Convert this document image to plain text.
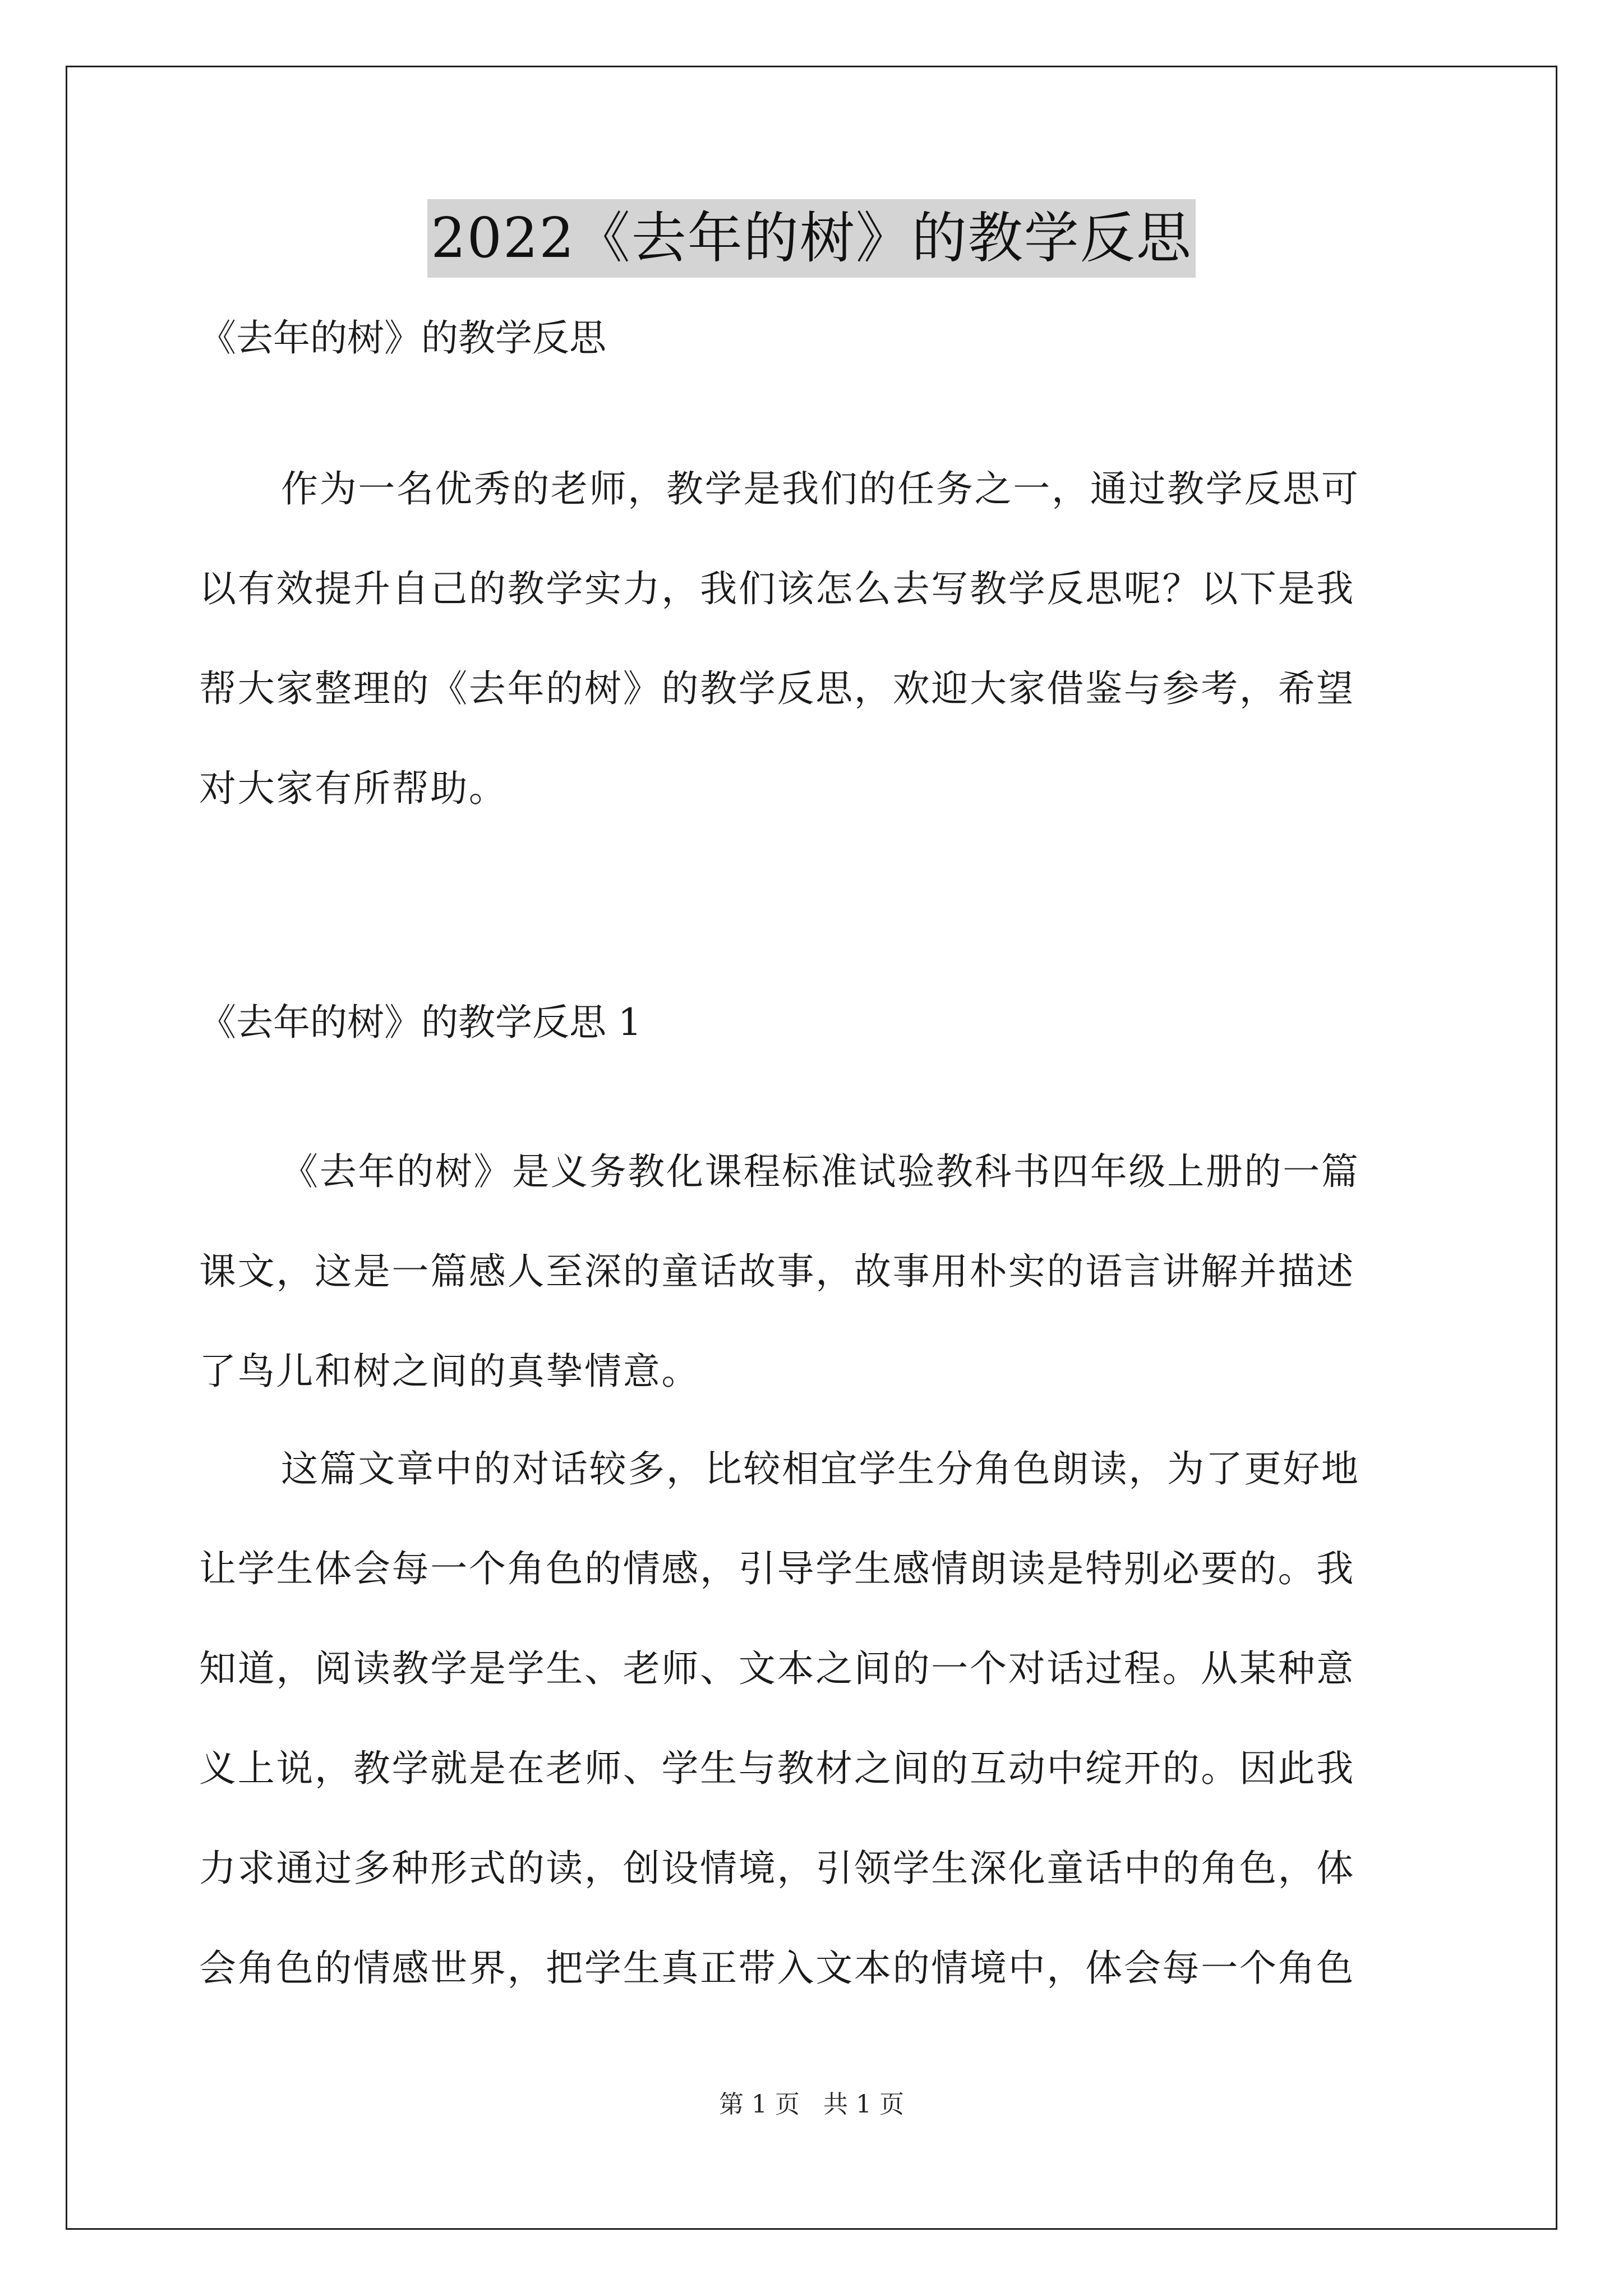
2022《去年的树》的教学反思
《去年的树》的教学反思

作为一名优秀的老师，教学是我们的任务之一，通过教学反思可

以有效提升自己的教学实力，我们该怎么去写教学反思呢？以下是我

帮大家整理的《去年的树》的教学反思，欢迎大家借鉴与参考，希望

对大家有所帮助。

《去年的树》的教学反思 1

《去年的树》是义务教化课程标准试验教科书四年级上册的一篇

课文，这是一篇感人至深的童话故事，故事用朴实的语言讲解并描述

了鸟儿和树之间的真挚情意。

这篇文章中的对话较多，比较相宜学生分角色朗读，为了更好地

让学生体会每一个角色的情感，引导学生感情朗读是特别必要的。我

知道，阅读教学是学生、老师、文本之间的一个对话过程。从某种意

义上说，教学就是在老师、学生与教材之间的互动中绽开的。因此我

力求通过多种形式的读，创设情境，引领学生深化童话中的角色，体

会角色的情感世界，把学生真正带入文本的情境中，体会每一个角色

第 1 页 共 1 页
